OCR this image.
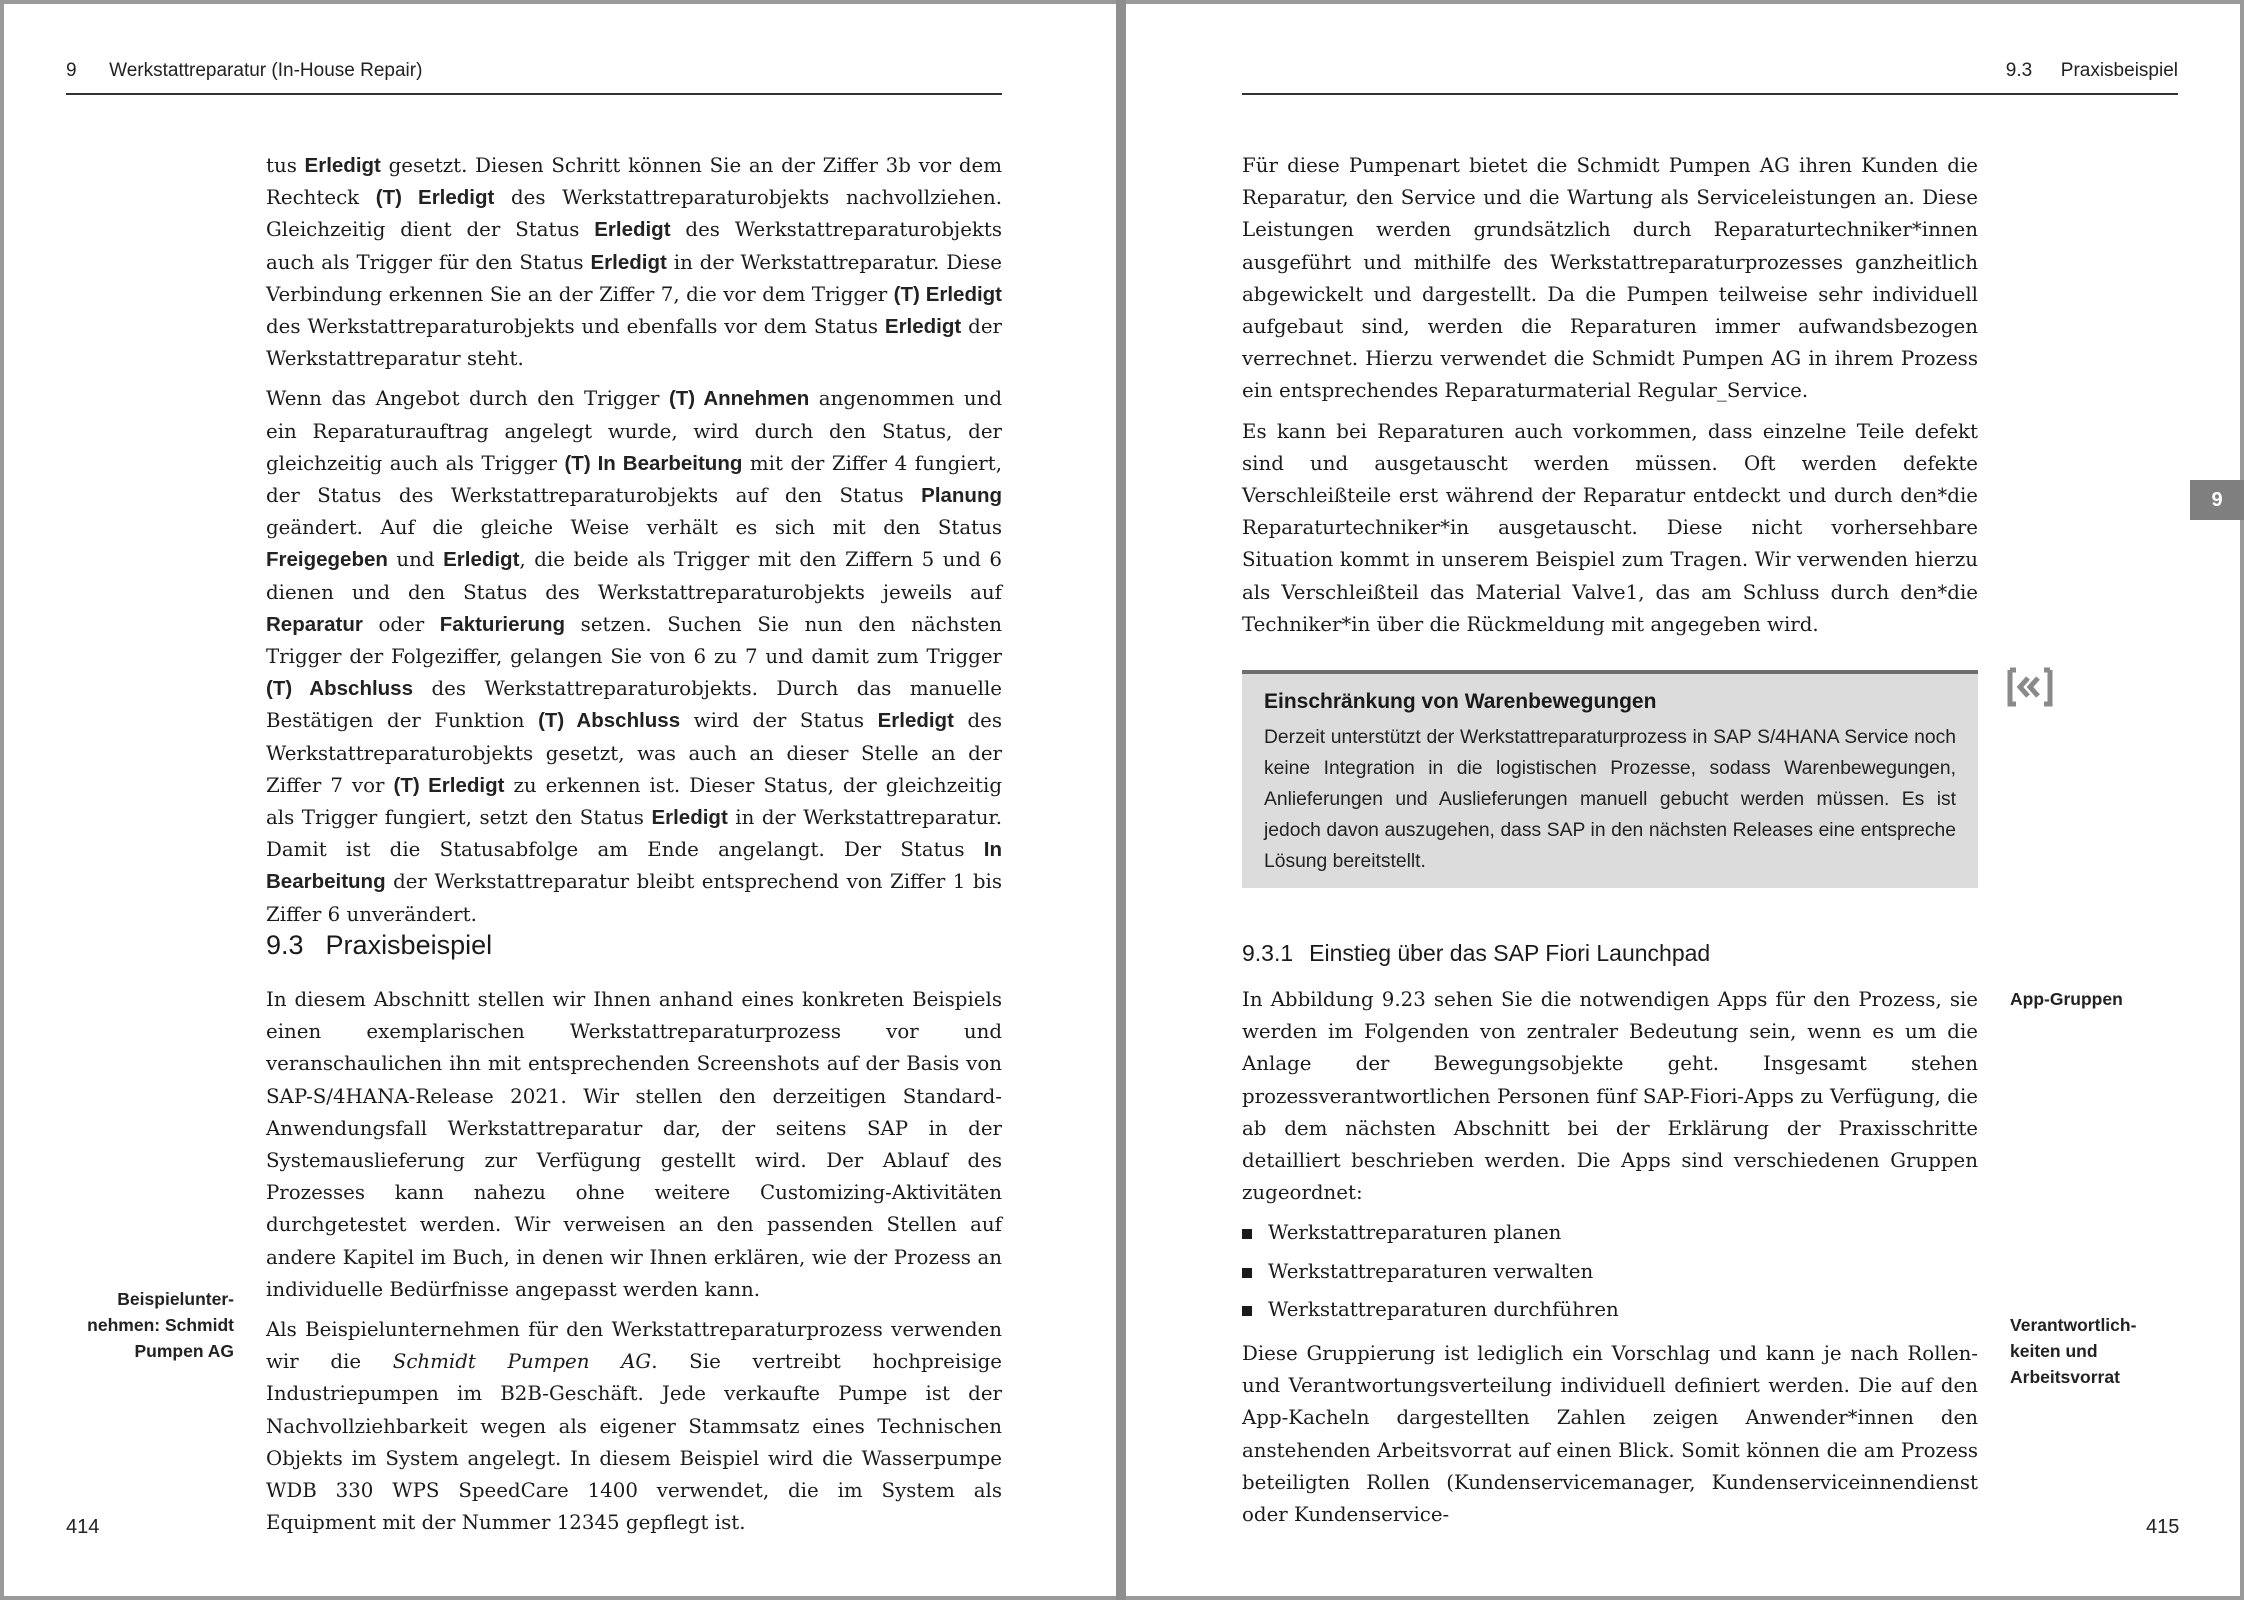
9 Werkstattreparatur (In-House Repair)

tus Erledigt gesetzt. Diesen Schritt können Sie an der Ziffer 3b vor dem Rechteck (T) Erledigt des Werkstattreparaturobjekts nachvollziehen. Gleichzeitig dient der Status Erledigt des Werkstattreparaturobjekts auch als Trigger für den Status Erledigt in der Werkstattreparatur. Diese Verbindung erkennen Sie an der Ziffer 7, die vor dem Trigger (T) Erledigt des Werkstattreparaturobjekts und ebenfalls vor dem Status Erledigt der Werkstattreparatur steht.

Wenn das Angebot durch den Trigger (T) Annehmen angenommen und ein Reparaturauftrag angelegt wurde, wird durch den Status, der gleichzeitig auch als Trigger (T) In Bearbeitung mit der Ziffer 4 fungiert, der Status des Werkstattreparaturobjekts auf den Status Planung geändert. Auf die gleiche Weise verhält es sich mit den Status Freigegeben und Erledigt, die beide als Trigger mit den Ziffern 5 und 6 dienen und den Status des Werkstattreparaturobjekts jeweils auf Reparatur oder Fakturierung setzen. Suchen Sie nun den nächsten Trigger der Folgeziffer, gelangen Sie von 6 zu 7 und damit zum Trigger (T) Abschluss des Werkstattreparaturobjekts. Durch das manuelle Bestätigen der Funktion (T) Abschluss wird der Status Erledigt des Werkstattreparaturobjekts gesetzt, was auch an dieser Stelle an der Ziffer 7 vor (T) Erledigt zu erkennen ist. Dieser Status, der gleichzeitig als Trigger fungiert, setzt den Status Erledigt in der Werkstattreparatur. Damit ist die Statusabfolge am Ende angelangt. Der Status In Bearbeitung der Werkstattreparatur bleibt entsprechend von Ziffer 1 bis Ziffer 6 unverändert.

9.3 Praxisbeispiel

In diesem Abschnitt stellen wir Ihnen anhand eines konkreten Beispiels einen exemplarischen Werkstattreparaturprozess vor und veranschaulichen ihn mit entsprechenden Screenshots auf der Basis von SAP-S/4HANA-Release 2021. Wir stellen den derzeitigen Standard-Anwendungsfall Werkstattreparatur dar, der seitens SAP in der Systemauslieferung zur Verfügung gestellt wird. Der Ablauf des Prozesses kann nahezu ohne weitere Customizing-Aktivitäten durchgetestet werden. Wir verweisen an den passenden Stellen auf andere Kapitel im Buch, in denen wir Ihnen erklären, wie der Prozess an individuelle Bedürfnisse angepasst werden kann.

Als Beispielunternehmen für den Werkstattreparaturprozess verwenden wir die Schmidt Pumpen AG. Sie vertreibt hochpreisige Industriepumpen im B2B-Geschäft. Jede verkaufte Pumpe ist der Nachvollziehbarkeit wegen als eigener Stammsatz eines Technischen Objekts im System angelegt. In diesem Beispiel wird die Wasserpumpe WDB 330 WPS SpeedCare 1400 verwendet, die im System als Equipment mit der Nummer 12345 gepflegt ist.

Beispielunter-
nehmen: Schmidt
Pumpen AG
414
9.3 Praxisbeispiel

Für diese Pumpenart bietet die Schmidt Pumpen AG ihren Kunden die Reparatur, den Service und die Wartung als Serviceleistungen an. Diese Leistungen werden grundsätzlich durch Reparaturtechniker*innen ausgeführt und mithilfe des Werkstattreparaturprozesses ganzheitlich abgewickelt und dargestellt. Da die Pumpen teilweise sehr individuell aufgebaut sind, werden die Reparaturen immer aufwandsbezogen verrechnet. Hierzu verwendet die Schmidt Pumpen AG in ihrem Prozess ein entsprechendes Reparaturmaterial Regular_Service.

Es kann bei Reparaturen auch vorkommen, dass einzelne Teile defekt sind und ausgetauscht werden müssen. Oft werden defekte Verschleißteile erst während der Reparatur entdeckt und durch den*die Reparaturtechniker*in ausgetauscht. Diese nicht vorhersehbare Situation kommt in unserem Beispiel zum Tragen. Wir verwenden hierzu als Verschleißteil das Material Valve1, das am Schluss durch den*die Techniker*in über die Rückmeldung mit angegeben wird.

9
Einschränkung von Warenbewegungen
Derzeit unterstützt der Werkstattreparaturprozess in SAP S/4HANA Service noch keine Integration in die logistischen Prozesse, sodass Warenbewegungen, Anlieferungen und Auslieferungen manuell gebucht werden müssen. Es ist jedoch davon auszugehen, dass SAP in den nächsten Releases eine entspreche Lösung bereitstellt.
9.3.1 Einstieg über das SAP Fiori Launchpad

In Abbildung 9.23 sehen Sie die notwendigen Apps für den Prozess, sie werden im Folgenden von zentraler Bedeutung sein, wenn es um die Anlage der Bewegungsobjekte geht. Insgesamt stehen prozessverantwortlichen Personen fünf SAP-Fiori-Apps zu Verfügung, die ab dem nächsten Abschnitt bei der Erklärung der Praxisschritte detailliert beschrieben werden. Die Apps sind verschiedenen Gruppen zugeordnet:

Werkstattreparaturen planen
Werkstattreparaturen verwalten
Werkstattreparaturen durchführen

Diese Gruppierung ist lediglich ein Vorschlag und kann je nach Rollen- und Verantwortungsverteilung individuell definiert werden. Die auf den App-Kacheln dargestellten Zahlen zeigen Anwender*innen den anstehenden Arbeitsvorrat auf einen Blick. Somit können die am Prozess beteiligten Rollen (Kundenservicemanager, Kundenserviceinnendienst oder Kundenservice-

App-Gruppen
Verantwortlich-
keiten und
Arbeitsvorrat
415
